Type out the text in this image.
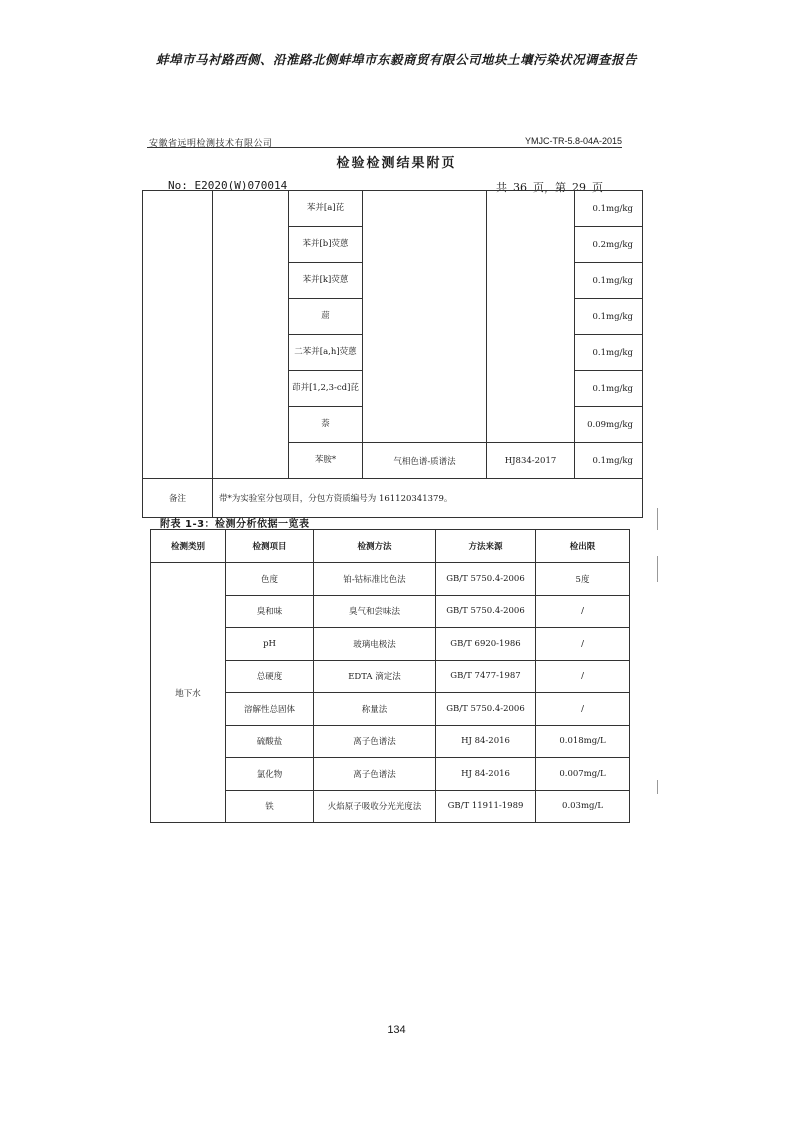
蚌埠市马衬路西侧、沿淮路北侧蚌埠市东毅商贸有限公司地块土壤污染状况调查报告
安徽省远明检测技术有限公司	YMJC-TR-5.8-04A-2015
检验检测结果附页
No: E2020(W)070014	共 36 页，第 29 页
		苯并[a]芘			0.1mg/kg
		苯并[b]荧蒽			0.2mg/kg
		苯并[k]荧蒽			0.1mg/kg
		䓛			0.1mg/kg
		二苯并[a,h]荧蒽			0.1mg/kg
		茚并[1,2,3-cd]芘			0.1mg/kg
		萘			0.09mg/kg
		苯胺*	气相色谱-质谱法	HJ834-2017	0.1mg/kg
备注	带*为实验室分包项目，分包方资质编号为 161120341379。				
附表 1-3：检测分析依据一览表
检测类别	检测项目	检测方法	方法来源	检出限
地下水	色度	铂-钴标准比色法	GB/T 5750.4-2006	5度
	臭和味	臭气和尝味法	GB/T 5750.4-2006	/
	pH	玻璃电极法	GB/T 6920-1986	/
	总硬度	EDTA 滴定法	GB/T 7477-1987	/
	溶解性总固体	称量法	GB/T 5750.4-2006	/
	硫酸盐	离子色谱法	HJ 84-2016	0.018mg/L
	氯化物	离子色谱法	HJ 84-2016	0.007mg/L
	铁	火焰原子吸收分光光度法	GB/T 11911-1989	0.03mg/L
134
